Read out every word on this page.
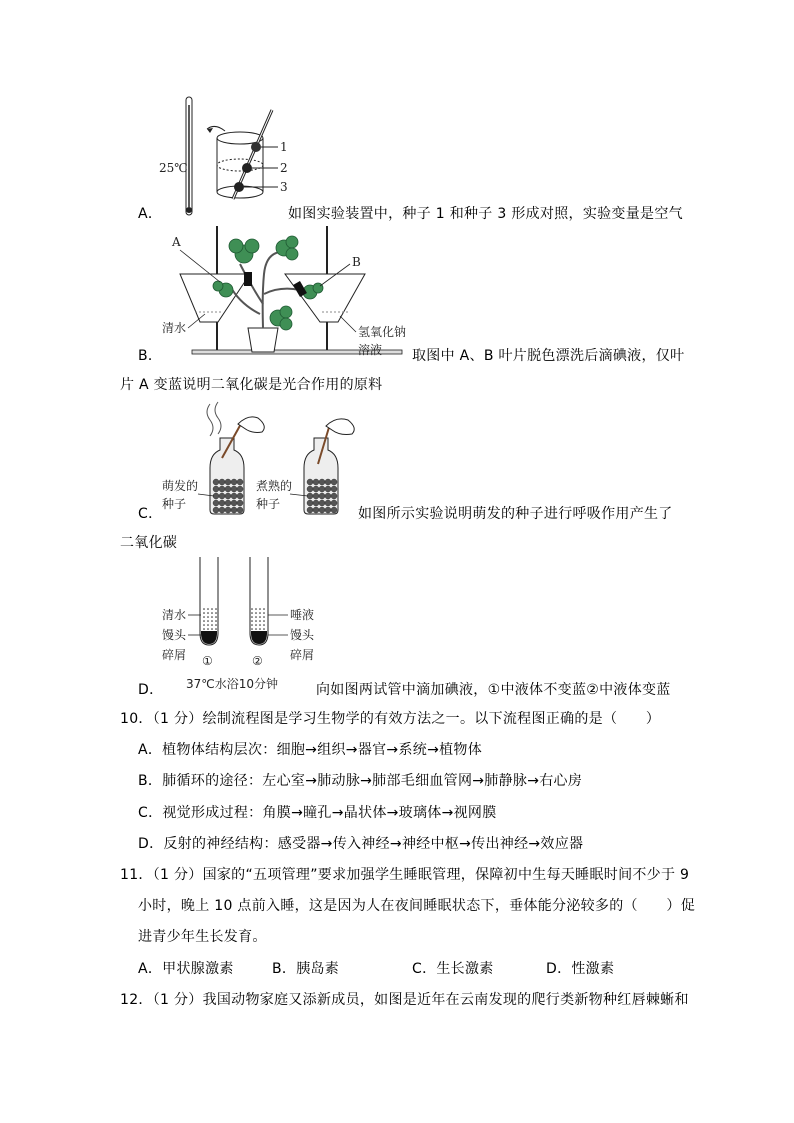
25℃
1
2
3
A．	如图实验装置中，种子 1 和种子 3 形成对照，实验变量是空气
A
B
清水	氢氧化钠
溶液
B．	取图中 A、B 叶片脱色漂洗后滴碘液，仅叶
片 A 变蓝说明二氧化碳是光合作用的原料
萌发的
种子
煮熟的
种子
C．	如图所示实验说明萌发的种子进行呼吸作用产生了
二氧化碳
清水
馒头
碎屑
唾液
馒头
碎屑
①	②
37℃水浴10分钟
D．	向如图两试管中滴加碘液，①中液体不变蓝②中液体变蓝
10．（1 分）绘制流程图是学习生物学的有效方法之一。以下流程图正确的是（　　）
A．植物体结构层次：细胞→组织→器官→系统→植物体
B．肺循环的途径：左心室→肺动脉→肺部毛细血管网→肺静脉→右心房
C．视觉形成过程：角膜→瞳孔→晶状体→玻璃体→视网膜
D．反射的神经结构：感受器→传入神经→神经中枢→传出神经→效应器
11．（1 分）国家的“五项管理”要求加强学生睡眠管理，保障初中生每天睡眠时间不少于 9
小时，晚上 10 点前入睡，这是因为人在夜间睡眠状态下，垂体能分泌较多的（　　）促
进青少年生长发育。
A．甲状腺激素	B．胰岛素	C．生长激素	D．性激素
12．（1 分）我国动物家庭又添新成员，如图是近年在云南发现的爬行类新物种红唇棘蜥和
